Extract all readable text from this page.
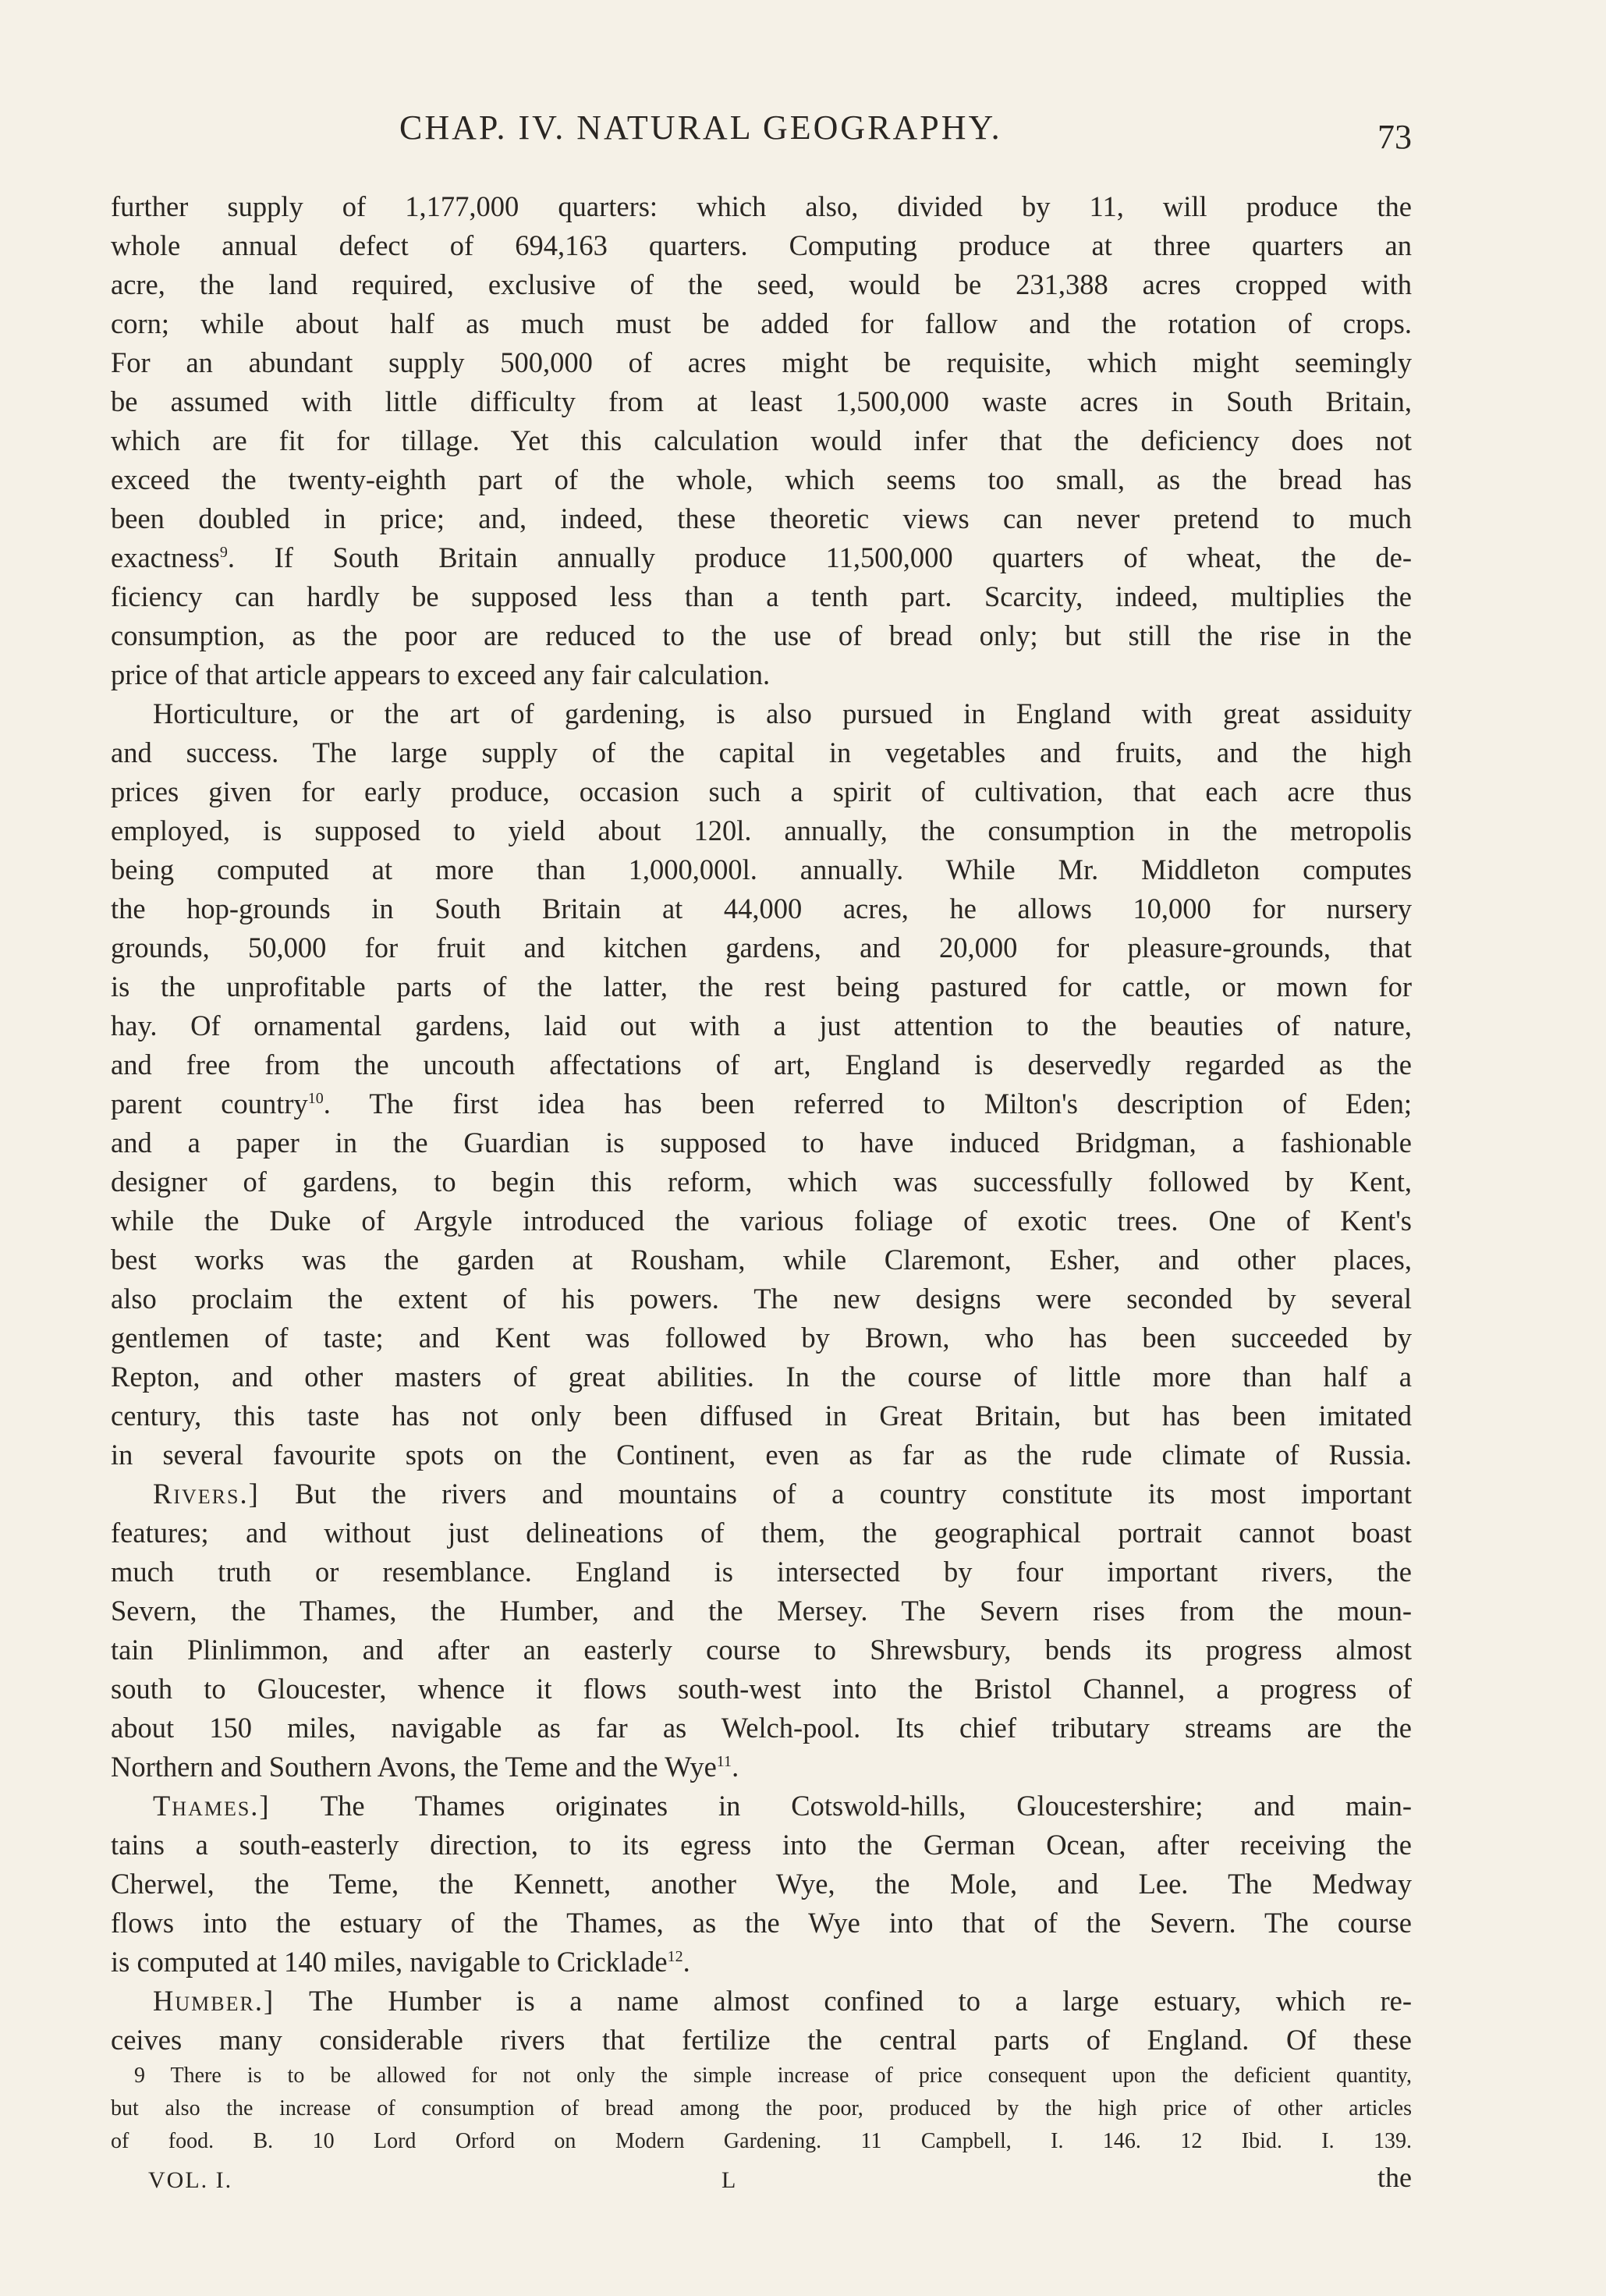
CHAP. IV. NATURAL GEOGRAPHY.	73
further supply of 1,177,000 quarters: which also, divided by 11, will produce the
whole annual defect of 694,163 quarters. Computing produce at three quarters an
acre, the land required, exclusive of the seed, would be 231,388 acres cropped with
corn; while about half as much must be added for fallow and the rotation of crops.
For an abundant supply 500,000 of acres might be requisite, which might seemingly
be assumed with little difficulty from at least 1,500,000 waste acres in South Britain,
which are fit for tillage. Yet this calculation would infer that the deficiency does not
exceed the twenty-eighth part of the whole, which seems too small, as the bread has
been doubled in price; and, indeed, these theoretic views can never pretend to much
exactness$^9$. If South Britain annually produce 11,500,000 quarters of wheat, the de-
ficiency can hardly be supposed less than a tenth part. Scarcity, indeed, multiplies the
consumption, as the poor are reduced to the use of bread only; but still the rise in the
price of that article appears to exceed any fair calculation.
Horticulture, or the art of gardening, is also pursued in England with great assiduity
and success. The large supply of the capital in vegetables and fruits, and the high
prices given for early produce, occasion such a spirit of cultivation, that each acre thus
employed, is supposed to yield about 120l. annually, the consumption in the metropolis
being computed at more than 1,000,000l. annually. While Mr. Middleton computes
the hop-grounds in South Britain at 44,000 acres, he allows 10,000 for nursery
grounds, 50,000 for fruit and kitchen gardens, and 20,000 for pleasure-grounds, that
is the unprofitable parts of the latter, the rest being pastured for cattle, or mown for
hay. Of ornamental gardens, laid out with a just attention to the beauties of nature,
and free from the uncouth affectations of art, England is deservedly regarded as the
parent country$^{10}$. The first idea has been referred to Milton's description of Eden;
and a paper in the Guardian is supposed to have induced Bridgman, a fashionable
designer of gardens, to begin this reform, which was successfully followed by Kent,
while the Duke of Argyle introduced the various foliage of exotic trees. One of Kent's
best works was the garden at Rousham, while Claremont, Esher, and other places,
also proclaim the extent of his powers. The new designs were seconded by several
gentlemen of taste; and Kent was followed by Brown, who has been succeeded by
Repton, and other masters of great abilities. In the course of little more than half a
century, this taste has not only been diffused in Great Britain, but has been imitated
in several favourite spots on the Continent, even as far as the rude climate of Russia.
Rivers.] But the rivers and mountains of a country constitute its most important
features; and without just delineations of them, the geographical portrait cannot boast
much truth or resemblance. England is intersected by four important rivers, the
Severn, the Thames, the Humber, and the Mersey. The Severn rises from the moun-
tain Plinlimmon, and after an easterly course to Shrewsbury, bends its progress almost
south to Gloucester, whence it flows south-west into the Bristol Channel, a progress of
about 150 miles, navigable as far as Welch-pool. Its chief tributary streams are the
Northern and Southern Avons, the Teme and the Wye$^{11}$.
Thames.] The Thames originates in Cotswold-hills, Gloucestershire; and main-
tains a south-easterly direction, to its egress into the German Ocean, after receiving the
Cherwel, the Teme, the Kennett, another Wye, the Mole, and Lee. The Medway
flows into the estuary of the Thames, as the Wye into that of the Severn. The course
is computed at 140 miles, navigable to Cricklade$^{12}$.
Humber.] The Humber is a name almost confined to a large estuary, which re-
ceives many considerable rivers that fertilize the central parts of England. Of these
9 There is to be allowed for not only the simple increase of price consequent upon the deficient quantity,
but also the increase of consumption of bread among the poor, produced by the high price of other articles
of food. B. 10 Lord Orford on Modern Gardening. 11 Campbell, I. 146. 12 Ibid. I. 139.
VOL. I.	L	the
